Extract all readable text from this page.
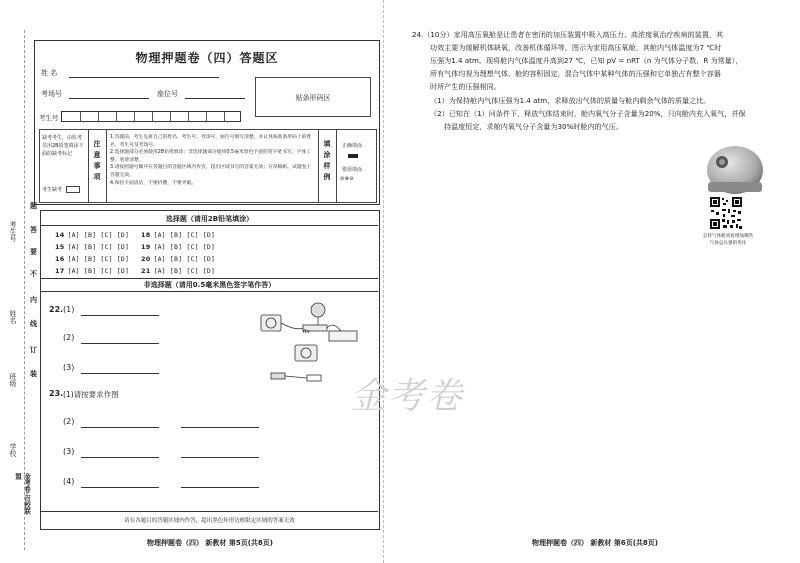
考生号
姓名
班级
学校
金考卷·百校联盟
题
答
要
不
内
线
订
装
物理押题卷（四）答题区
姓 名
考场号	座位号	贴条形码区
考生号
缺考考生，由监考员用2B铅笔填涂下面的缺考标记
考生缺考
注意事项
1.答题前，考生先将自己的姓名、考生号、考场号、座位号填写清楚，并认真核准条形码上的姓名、考生号及考场号。
2.选择题部分必须使用2B铅笔填涂；非选择题部分使用0.5毫米黑色字迹的签字笔书写，字体工整、笔迹清楚。
3.请按照题号顺序在各题目的答题区域内作答，超出区域书写的答案无效；在草稿纸、试题卷上答题无效。
4.保持卡面清洁，不要折叠，不要弄破。	填涂样例 正确填涂
错误填涂
⊘⊗⊖
选择题（请用2B铅笔填涂）
14 [A] [B] [C] [D]
15 [A] [B] [C] [D]
16 [A] [B] [C] [D]
17 [A] [B] [C] [D]
18 [A] [B] [C] [D]
19 [A] [B] [C] [D]
20 [A] [B] [C] [D]
21 [A] [B] [C] [D]
非选择题（请用0.5毫米黑色签字笔作答）
22. (1)
(2)
(3)
Rx
23. (1)请按要求作图
(2)
(3)
(4)
请在各题目的答题区域内作答，超出黑色矩形边框限定区域的答案无效
物理押题卷（四） 新教材 第5页(共8页)
金考卷
24.（10分）家用高压氧舱是让患者在密闭的加压装置中吸入高压力、高浓度氧治疗疾病的装置，其
功效主要为缓解机体缺氧，改善机体循环等。图示为家用高压氧舱，其舱内气体温度为7 ℃时
压强为1.4 atm。现将舱内气体温度升高到27 ℃，已知 pV = nRT（n 为气体分子数，R 为常量），
所有气体均视为理想气体，舱的容积固定，混合气体中某种气体的压强和它单独占有整个容器
时所产生的压强相同。
（1）为保持舱内气体压强为1.4 atm，求释放出气体的质量与舱内剩余气体的质量之比。
（2）已知在（1）问条件下，释放气体结束时，舱内氧气分子含量为20%，只向舱内充入氧气，并保
持温度恒定，求舱内氧气分子含量为30%时舱内的气压。
怎样气体舱查看增加哪些
气体总压强的变化
物理押题卷（四） 新教材 第6页(共8页)
